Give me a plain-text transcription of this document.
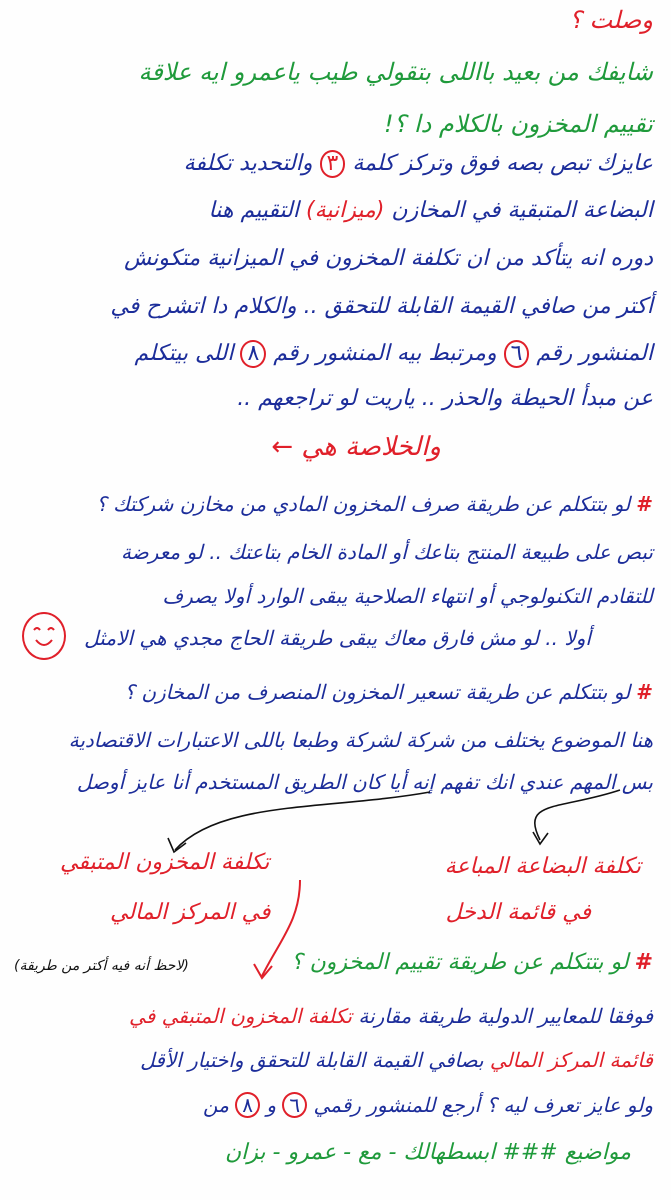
وصلت ؟
شايفك من بعيد بااللى بتقولي طيب ياعمرو ايه علاقة
تقييم المخزون بالكلام دا ؟!
عايزك تبص بصه فوق وتركز كلمة ٣ والتحديد تكلفة
البضاعة المتبقية في المخازن (ميزانية) التقييم هنا
دوره انه يتأكد من ان تكلفة المخزون في الميزانية متكونش
أكتر من صافي القيمة القابلة للتحقق .. والكلام دا اتشرح في
المنشور رقم ٦ ومرتبط بيه المنشور رقم ٨ اللى بيتكلم
عن مبدأ الحيطة والحذر .. ياريت لو تراجعهم ..
والخلاصة هي ←
#لو بتتكلم عن طريقة صرف المخزون المادي من مخازن شركتك ؟
تبص على طبيعة المنتج بتاعك أو المادة الخام بتاعتك .. لو معرضة
للتقادم التكنولوجي أو انتهاء الصلاحية يبقى الوارد أولا يصرف
أولا .. لو مش فارق معاك يبقى طريقة الحاج مجدي هي الامثل
#لو بتتكلم عن طريقة تسعير المخزون المنصرف من المخازن ؟
هنا الموضوع يختلف من شركة لشركة وطبعا باللى الاعتبارات الاقتصادية
بس المهم عندي انك تفهم إنه أيا كان الطريق المستخدم أنا عايز أوصل
تكلفة المخزون المتبقي
في المركز المالي
تكلفة البضاعة المباعة
في قائمة الدخل
(لاحظ أنه فيه أكتر من طريقة)	#لو بتتكلم عن طريقة تقييم المخزون ؟
فوفقا للمعايير الدولية طريقة مقارنة تكلفة المخزون المتبقي في
قائمة المركز المالي بصافي القيمة القابلة للتحقق واختيار الأقل
ولو عايز تعرف ليه ؟ أرجع للمنشور رقمي ٦ و ٨ من
مواضيع ### ابسطهالك - مع - عمرو - بزان
